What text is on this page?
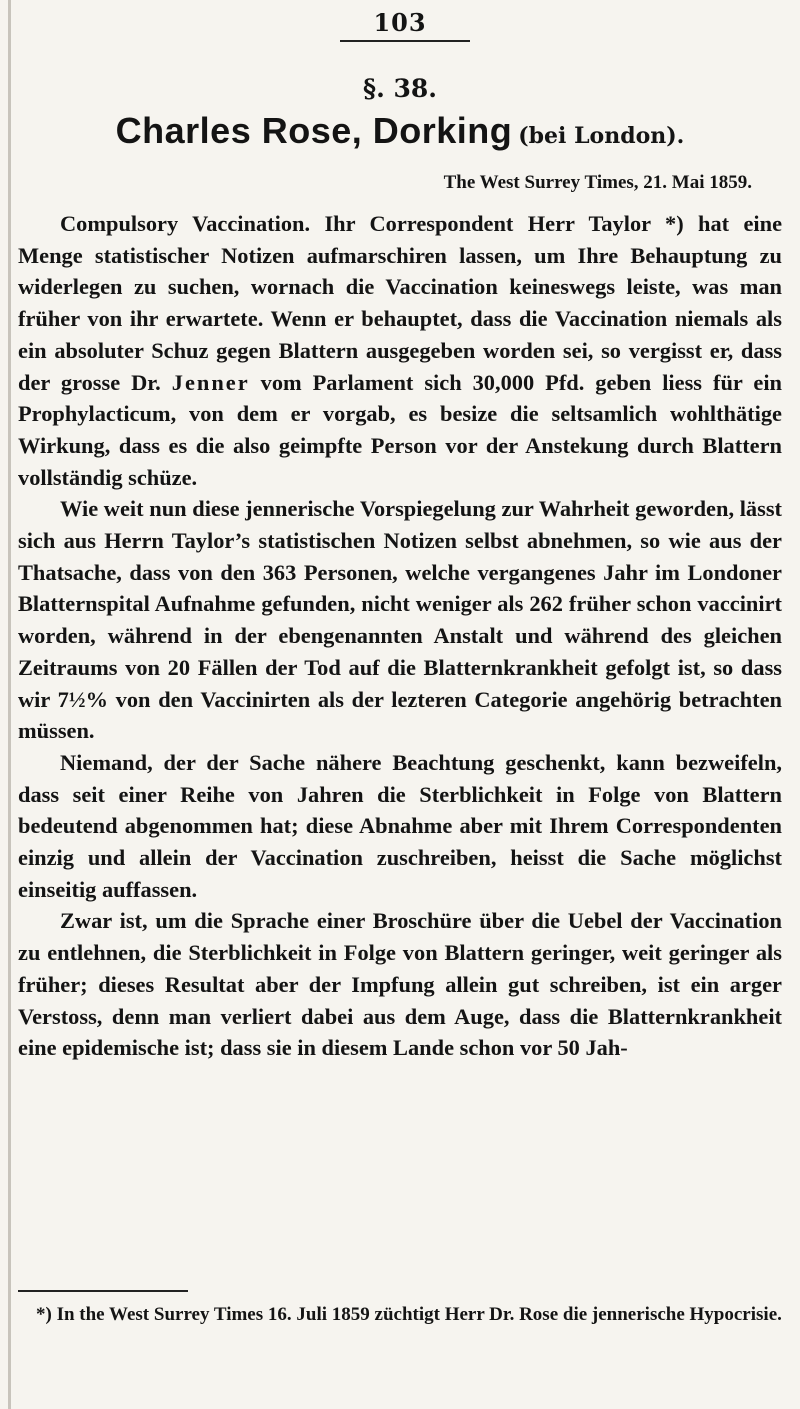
103
§. 38.
Charles Rose, Dorking (bei London).
The West Surrey Times, 21. Mai 1859.

Compulsory Vaccination. Ihr Correspondent Herr Taylor *) hat eine Menge statistischer Notizen aufmarschiren lassen, um Ihre Behauptung zu widerlegen zu suchen, wornach die Vaccination keineswegs leiste, was man früher von ihr erwartete. Wenn er behauptet, dass die Vaccination niemals als ein absoluter Schuz gegen Blattern ausgegeben worden sei, so vergisst er, dass der grosse Dr. Jenner vom Parlament sich 30,000 Pfd. geben liess für ein Prophylacticum, von dem er vorgab, es besize die seltsamlich wohlthätige Wirkung, dass es die also geimpfte Person vor der Anstekung durch Blattern vollständig schüze.

Wie weit nun diese jennerische Vorspiegelung zur Wahrheit geworden, lässt sich aus Herrn Taylor’s statistischen Notizen selbst abnehmen, so wie aus der Thatsache, dass von den 363 Personen, welche vergangenes Jahr im Londoner Blatternspital Aufnahme gefunden, nicht weniger als 262 früher schon vaccinirt worden, während in der ebengenannten Anstalt und während des gleichen Zeitraums von 20 Fällen der Tod auf die Blatternkrankheit gefolgt ist, so dass wir 7½% von den Vaccinirten als der lezteren Categorie angehörig betrachten müssen.

Niemand, der der Sache nähere Beachtung geschenkt, kann bezweifeln, dass seit einer Reihe von Jahren die Sterblichkeit in Folge von Blattern bedeutend abgenommen hat; diese Abnahme aber mit Ihrem Correspondenten einzig und allein der Vaccination zuschreiben, heisst die Sache möglichst einseitig auffassen.

Zwar ist, um die Sprache einer Broschüre über die Uebel der Vaccination zu entlehnen, die Sterblichkeit in Folge von Blattern geringer, weit geringer als früher; dieses Resultat aber der Impfung allein gut schreiben, ist ein arger Verstoss, denn man verliert dabei aus dem Auge, dass die Blatternkrankheit eine epidemische ist; dass sie in diesem Lande schon vor 50 Jah-

*) In the West Surrey Times 16. Juli 1859 züchtigt Herr Dr. Rose die jennerische Hypocrisie.
